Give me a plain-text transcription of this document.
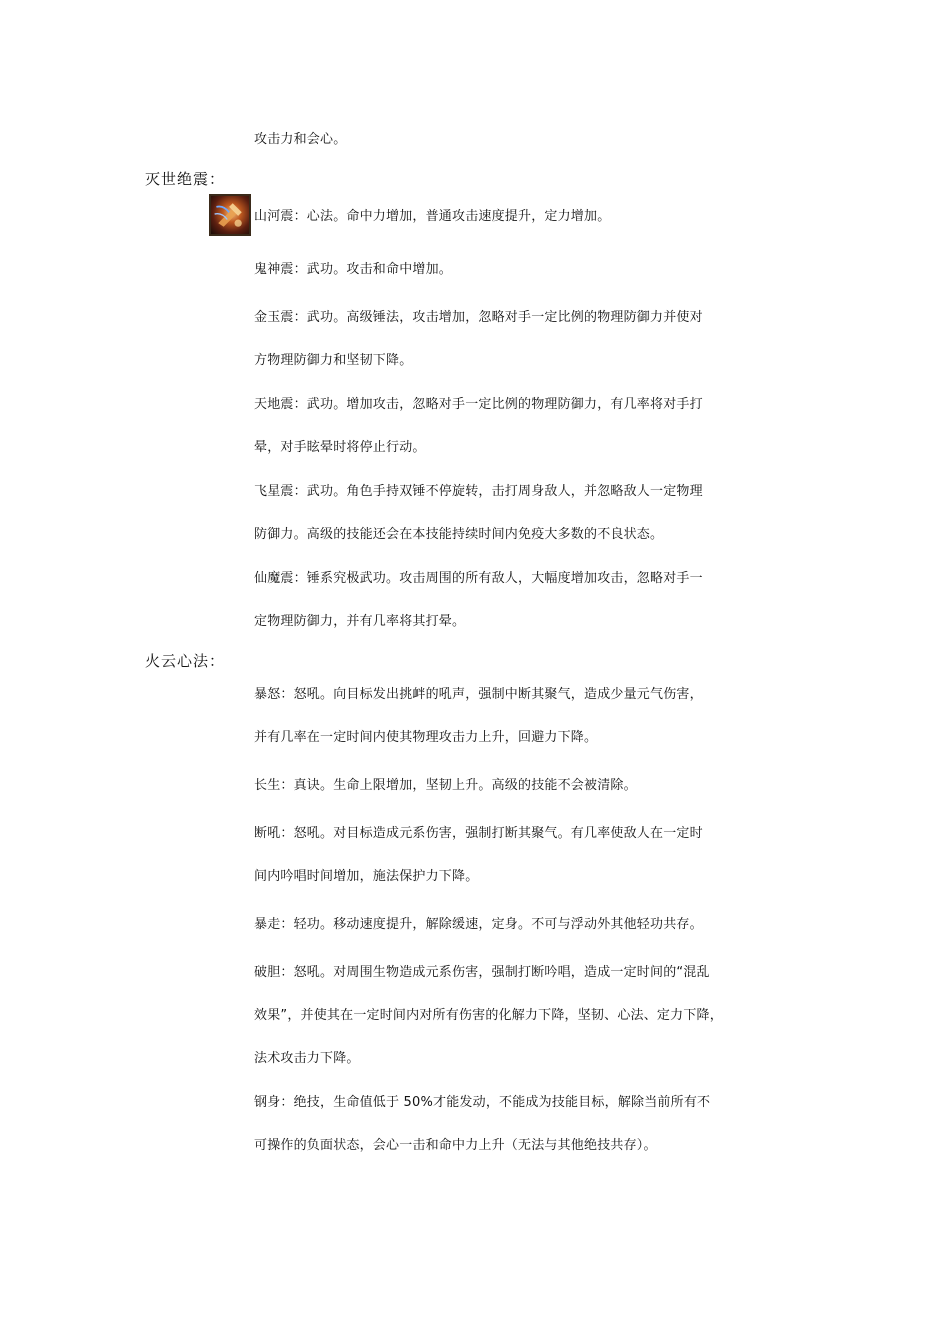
攻击力和会心。
灭世绝震：
山河震：心法。命中力增加，普通攻击速度提升，定力增加。
鬼神震：武功。攻击和命中增加。
金玉震：武功。高级锤法，攻击增加，忽略对手一定比例的物理防御力并使对
方物理防御力和坚韧下降。
天地震：武功。增加攻击，忽略对手一定比例的物理防御力，有几率将对手打
晕，对手眩晕时将停止行动。
飞星震：武功。角色手持双锤不停旋转，击打周身敌人，并忽略敌人一定物理
防御力。高级的技能还会在本技能持续时间内免疫大多数的不良状态。
仙魔震：锤系究极武功。攻击周围的所有敌人，大幅度增加攻击，忽略对手一
定物理防御力，并有几率将其打晕。
火云心法：
暴怒：怒吼。向目标发出挑衅的吼声，强制中断其聚气，造成少量元气伤害，
并有几率在一定时间内使其物理攻击力上升，回避力下降。
长生：真诀。生命上限增加，坚韧上升。高级的技能不会被清除。
断吼：怒吼。对目标造成元系伤害，强制打断其聚气。有几率使敌人在一定时
间内吟唱时间增加，施法保护力下降。
暴走：轻功。移动速度提升，解除缓速，定身。不可与浮动外其他轻功共存。
破胆：怒吼。对周围生物造成元系伤害，强制打断吟唱，造成一定时间的“混乱
效果”，并使其在一定时间内对所有伤害的化解力下降，坚韧、心法、定力下降，
法术攻击力下降。
钢身：绝技，生命值低于 50%才能发动，不能成为技能目标，解除当前所有不
可操作的负面状态，会心一击和命中力上升（无法与其他绝技共存）。
